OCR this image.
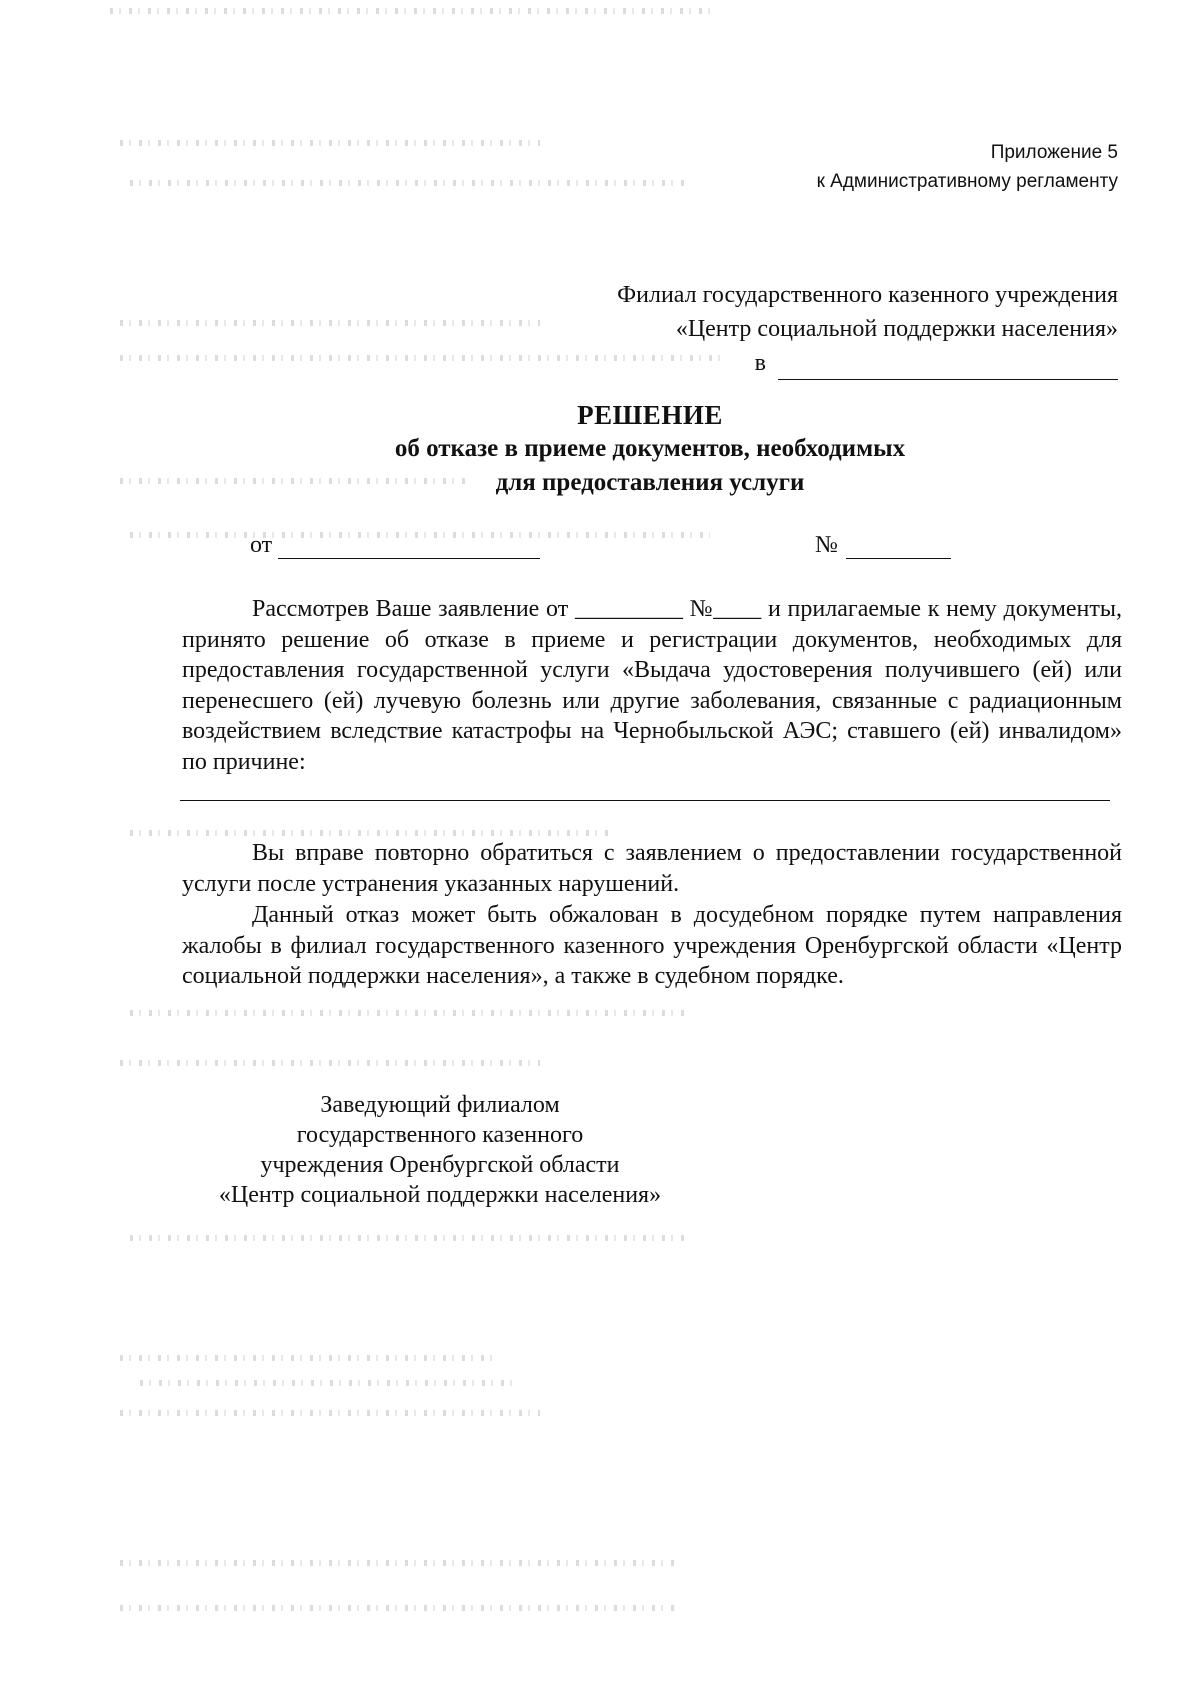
Приложение 5
к Административному регламенту
Филиал государственного казенного учреждения
«Центр социальной поддержки населения»
в
РЕШЕНИЕ
об отказе в приеме документов, необходимых
для предоставления услуги
от	№
Рассмотрев Ваше заявление от _________ №____ и прилагаемые к нему документы, принято решение об отказе в приеме и регистрации документов, необходимых для предоставления государственной услуги «Выдача удостоверения получившего (ей) или перенесшего (ей) лучевую болезнь или другие заболевания, связанные с радиационным воздействием вследствие катастрофы на Чернобыльской АЭС; ставшего (ей) инвалидом» по причине:
Вы вправе повторно обратиться с заявлением о предоставлении государственной услуги после устранения указанных нарушений.
Данный отказ может быть обжалован в досудебном порядке путем направления жалобы в филиал государственного казенного учреждения Оренбургской области «Центр социальной поддержки населения», а также в судебном порядке.
Заведующий филиалом
государственного казенного
учреждения Оренбургской области
«Центр социальной поддержки населения»
